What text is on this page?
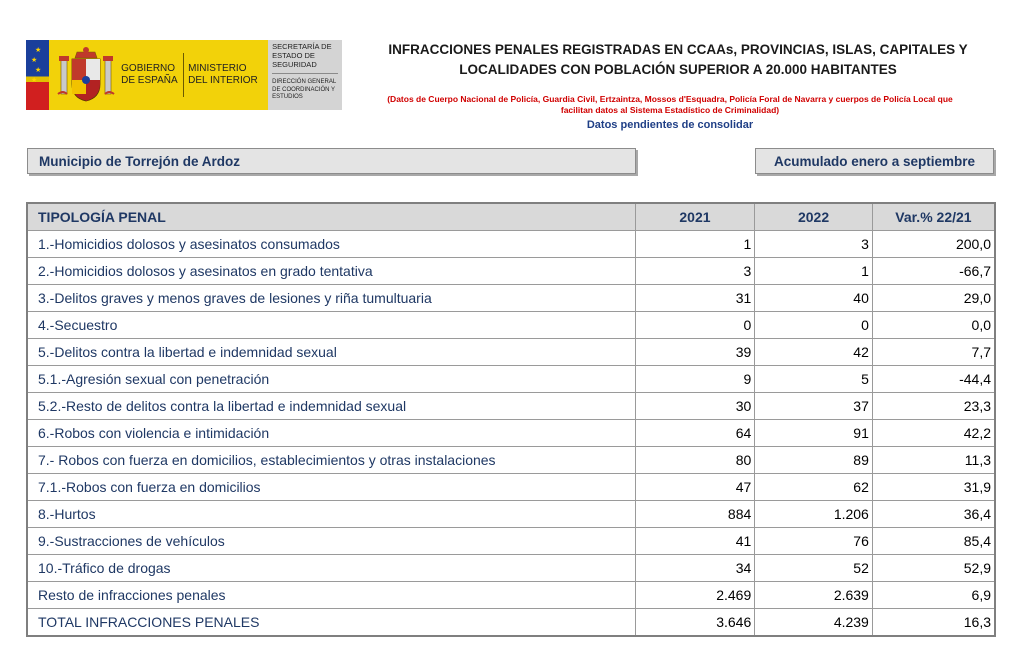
★
★
★
★
GOBIERNO DE ESPAÑA
MINISTERIO DEL INTERIOR
SECRETARÍA DE ESTADO DE SEGURIDAD
DIRECCIÓN GENERAL DE COORDINACIÓN Y ESTUDIOS
INFRACCIONES PENALES REGISTRADAS EN CCAAs, PROVINCIAS, ISLAS, CAPITALES Y
LOCALIDADES CON POBLACIÓN SUPERIOR A 20.000 HABITANTES
(Datos de Cuerpo Nacional de Policía, Guardia Civil, Ertzaintza, Mossos d'Esquadra, Policía Foral de Navarra y cuerpos de Policía Local que
facilitan datos al Sistema Estadístico de Criminalidad)
Datos pendientes de consolidar
Municipio de Torrejón de Ardoz	Acumulado enero a septiembre
TIPOLOGÍA PENAL	2021	2022	Var.% 22/21
1.-Homicidios dolosos y asesinatos consumados	1	3	200,0
2.-Homicidios dolosos y asesinatos en grado tentativa	3	1	-66,7
3.-Delitos graves y menos graves de lesiones y riña tumultuaria	31	40	29,0
4.-Secuestro	0	0	0,0
5.-Delitos contra la libertad e indemnidad sexual	39	42	7,7
5.1.-Agresión sexual con penetración	9	5	-44,4
5.2.-Resto de delitos contra la libertad e indemnidad sexual	30	37	23,3
6.-Robos con violencia e intimidación	64	91	42,2
7.- Robos con fuerza en domicilios, establecimientos y otras instalaciones	80	89	11,3
7.1.-Robos con fuerza en domicilios	47	62	31,9
8.-Hurtos	884	1.206	36,4
9.-Sustracciones de vehículos	41	76	85,4
10.-Tráfico de drogas	34	52	52,9
Resto de infracciones penales	2.469	2.639	6,9
TOTAL INFRACCIONES PENALES	3.646	4.239	16,3
